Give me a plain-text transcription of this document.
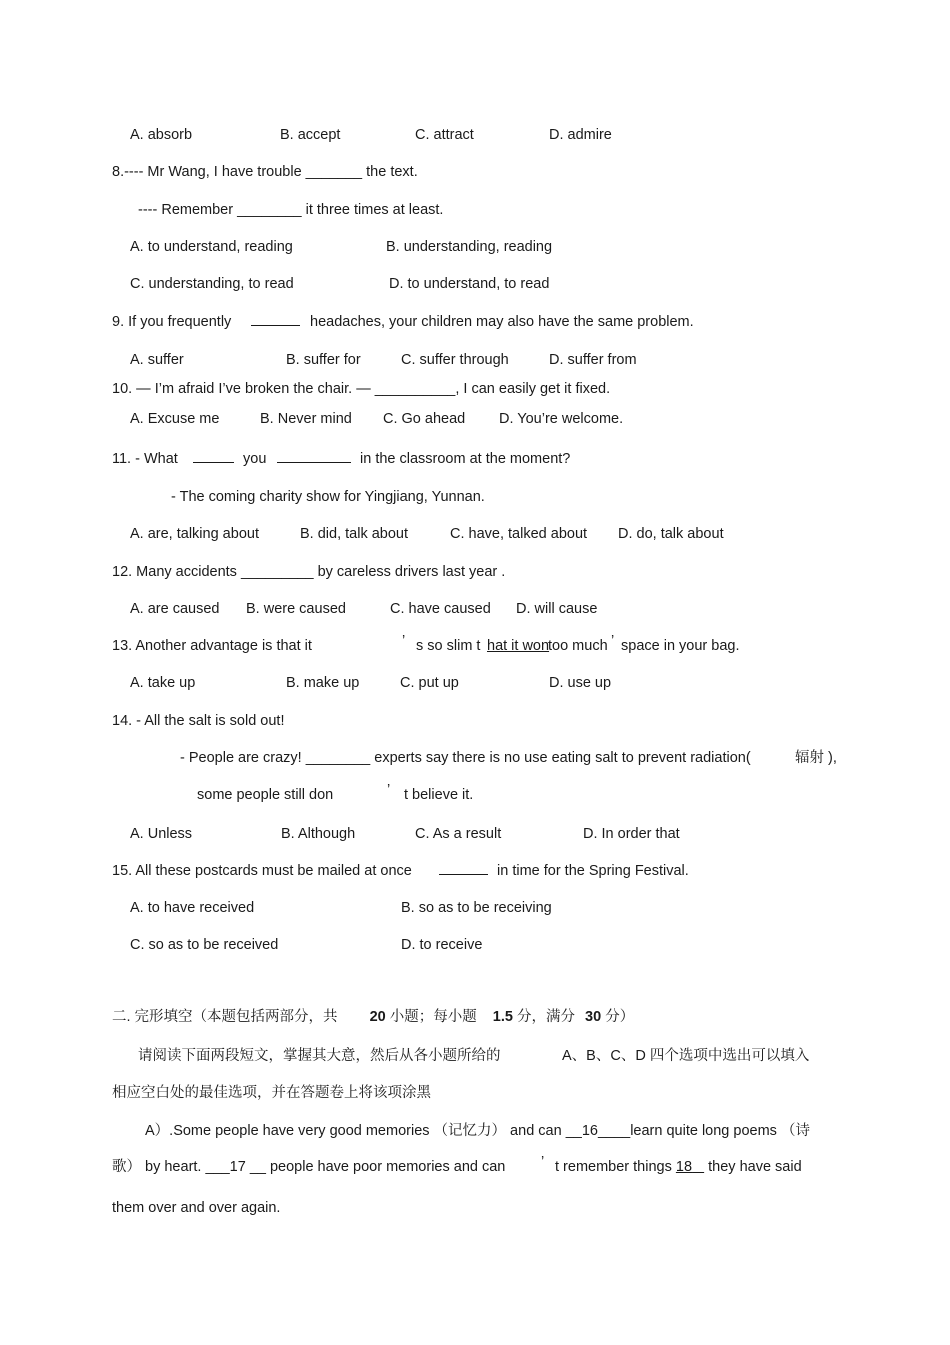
A. absorb	B. accept	C. attract	D. admire
8.---- Mr Wang, I have trouble _______ the text.
---- Remember ________ it three times at least.
A. to understand, reading	B. understanding, reading
C. understanding, to read	D. to understand, to read
9. If you frequently	headaches, your children may also have the same problem.
A. suffer	B. suffer for	C. suffer through	D. suffer from
10. — I’m afraid I’ve broken the chair. — __________, I can easily get it fixed.
A. Excuse me	B. Never mind C. Go ahead D. You’re welcome.
11. - What	you	in the classroom at the moment?
- The coming charity show for Yingjiang, Yunnan.
A. are, talking about	B. did, talk about	C. have, talked about D. do, talk about
12. Many accidents _________ by careless drivers last year .
A. are caused B. were caused	C. have caused D. will cause
13. Another advantage is that it	’ s so slim t hat it won
too much ’ space in your bag.
A. take up	B. make up	C. put up	D. use up
14. - All the salt is sold out!
- People are crazy! ________ experts say there is no use eating salt to prevent radiation(	辐射 ),
some people still don	’ t believe it.
A. Unless	B. Although	C. As a result	D. In order that
15. All these postcards must be mailed at once	in time for the Spring Festival.
A. to have received	B. so as to be receiving
C. so as to be received	D. to receive
二. 完形填空（本题包括两部分，共 20 小题；每小题 1.5 分，满分 30 分）
请阅读下面两段短文，掌握其大意，然后从各小题所给的	A、B、C、D 四个选项中选出可以填入
相应空白处的最佳选项，并在答题卷上将该项涂黑
A）.Some people have very good memories （记忆力） and can __16____learn quite long poems （诗
歌） by heart. ___17 __ people have poor memories and can ’ t remember things 18    they have said
them over and over again.
